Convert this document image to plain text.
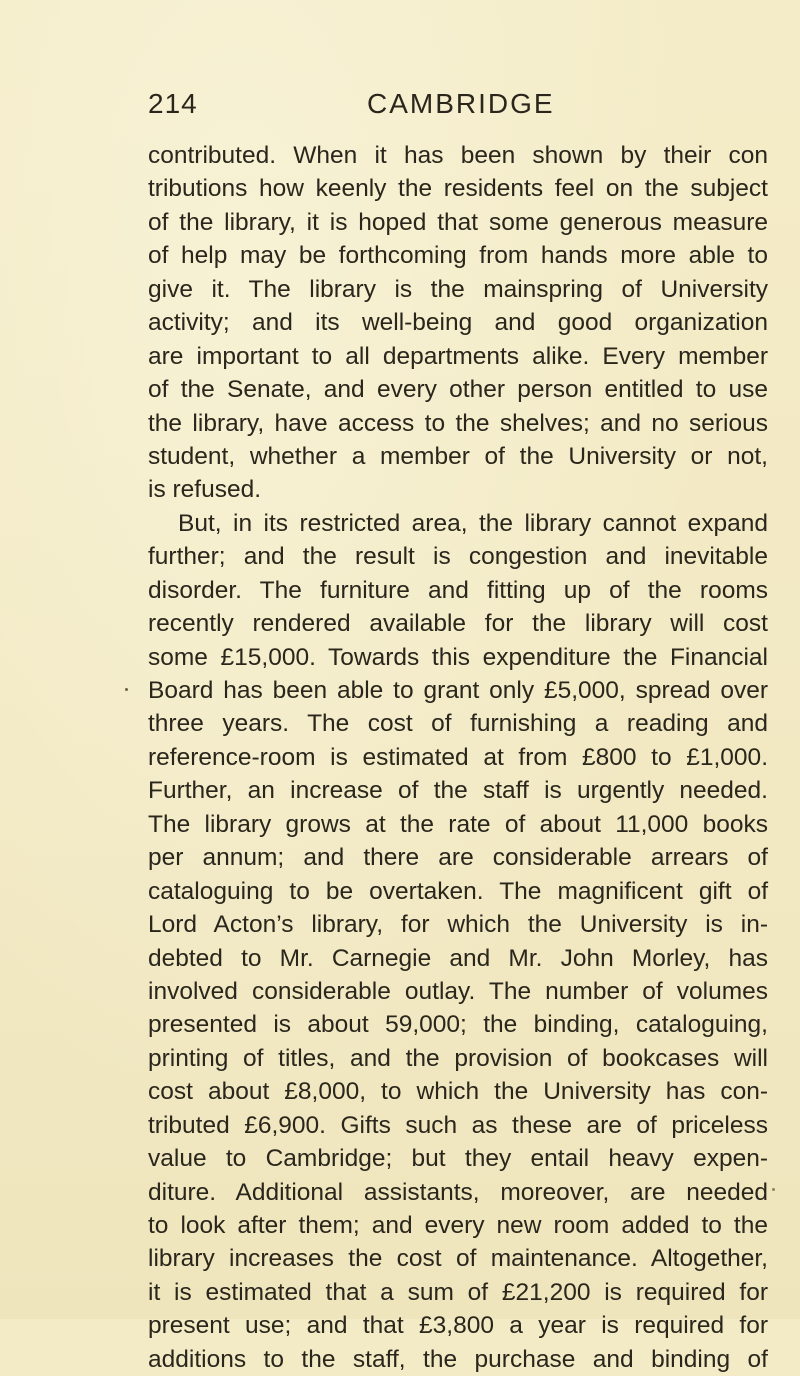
214	CAMBRIDGE
contributed. When it has been shown by their con
tributions how keenly the residents feel on the subject
of the library, it is hoped that some generous measure
of help may be forthcoming from hands more able to
give it. The library is the mainspring of University
activity; and its well-being and good organization
are important to all departments alike. Every member
of the Senate, and every other person entitled to use
the library, have access to the shelves; and no serious
student, whether a member of the University or not,
is refused.
But, in its restricted area, the library cannot expand
further; and the result is congestion and inevitable
disorder. The furniture and fitting up of the rooms
recently rendered available for the library will cost
some £15,000. Towards this expenditure the Financial
Board has been able to grant only £5,000, spread over
three years. The cost of furnishing a reading and
reference-room is estimated at from £800 to £1,000.
Further, an increase of the staff is urgently needed.
The library grows at the rate of about 11,000 books
per annum; and there are considerable arrears of
cataloguing to be overtaken. The magnificent gift of
Lord Acton’s library, for which the University is in-
debted to Mr. Carnegie and Mr. John Morley, has
involved considerable outlay. The number of volumes
presented is about 59,000; the binding, cataloguing,
printing of titles, and the provision of bookcases will
cost about £8,000, to which the University has con-
tributed £6,900. Gifts such as these are of priceless
value to Cambridge; but they entail heavy expen-
diture. Additional assistants, moreover, are needed
to look after them; and every new room added to the
library increases the cost of maintenance. Altogether,
it is estimated that a sum of £21,200 is required for
present use; and that £3,800 a year is required for
additions to the staff, the purchase and binding of
